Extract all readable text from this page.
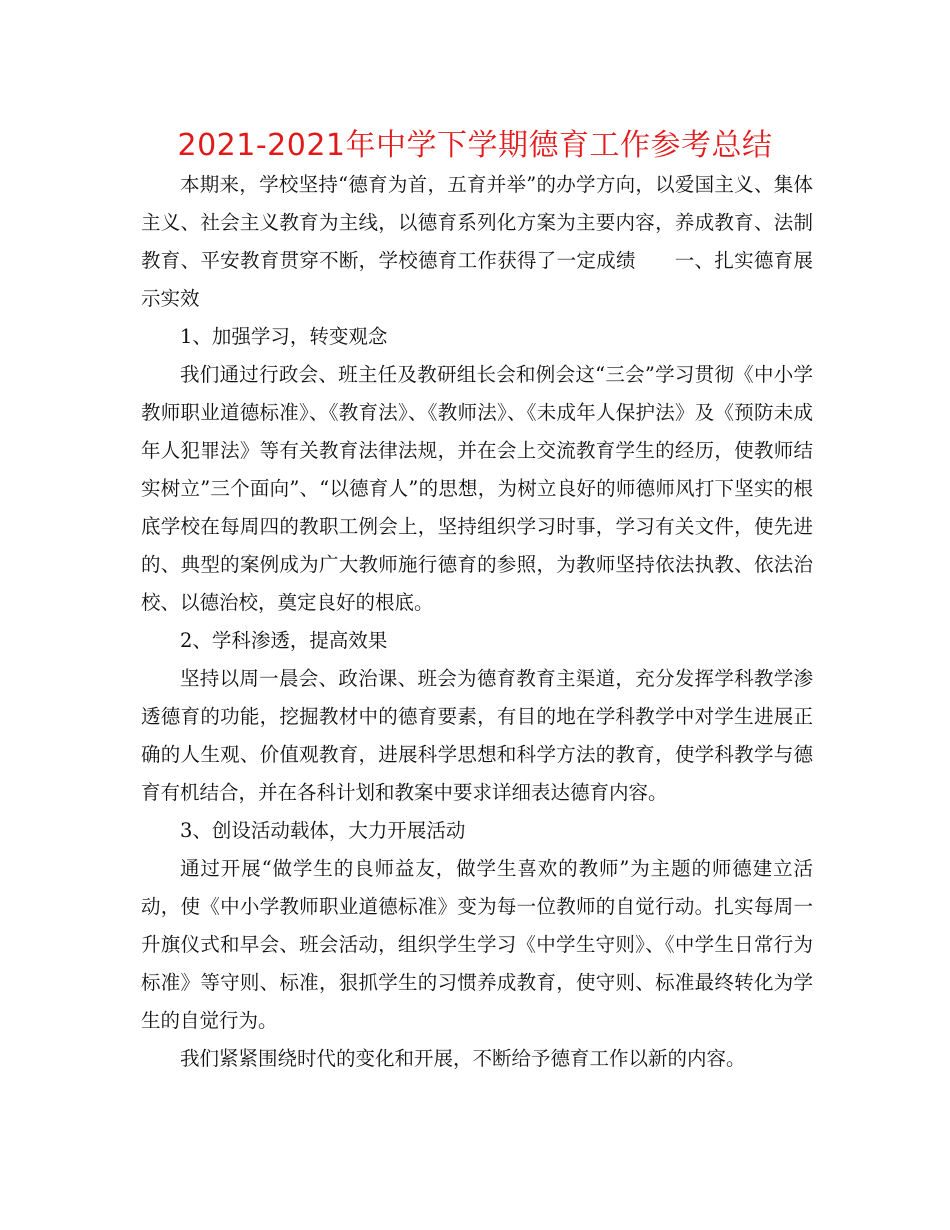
2021-2021年中学下学期德育工作参考总结

本期来，学校坚持“德育为首，五育并举”的办学方向，以爱国主义、集体主义、社会主义教育为主线，以德育系列化方案为主要内容，养成教育、法制教育、平安教育贯穿不断，学校德育工作获得了一定成绩 一、扎实德育展示实效

1、加强学习，转变观念

我们通过行政会、班主任及教研组长会和例会这“三会”学习贯彻《中小学教师职业道德标准》、《教育法》、《教师法》、《未成年人保护法》及《预防未成年人犯罪法》等有关教育法律法规，并在会上交流教育学生的经历，使教师结实树立”三个面向”、“以德育人”的思想，为树立良好的师德师风打下坚实的根底学校在每周四的教职工例会上，坚持组织学习时事，学习有关文件，使先进的、典型的案例成为广大教师施行德育的参照，为教师坚持依法执教、依法治校、以德治校，奠定良好的根底。

2、学科渗透，提高效果

坚持以周一晨会、政治课、班会为德育教育主渠道，充分发挥学科教学渗透德育的功能，挖掘教材中的德育要素，有目的地在学科教学中对学生进展正确的人生观、价值观教育，进展科学思想和科学方法的教育，使学科教学与德育有机结合，并在各科计划和教案中要求详细表达德育内容。

3、创设活动载体，大力开展活动

通过开展“做学生的良师益友，做学生喜欢的教师”为主题的师德建立活动，使《中小学教师职业道德标准》变为每一位教师的自觉行动。扎实每周一升旗仪式和早会、班会活动，组织学生学习《中学生守则》、《中学生日常行为标准》等守则、标准，狠抓学生的习惯养成教育，使守则、标准最终转化为学生的自觉行为。

我们紧紧围绕时代的变化和开展，不断给予德育工作以新的内容。
